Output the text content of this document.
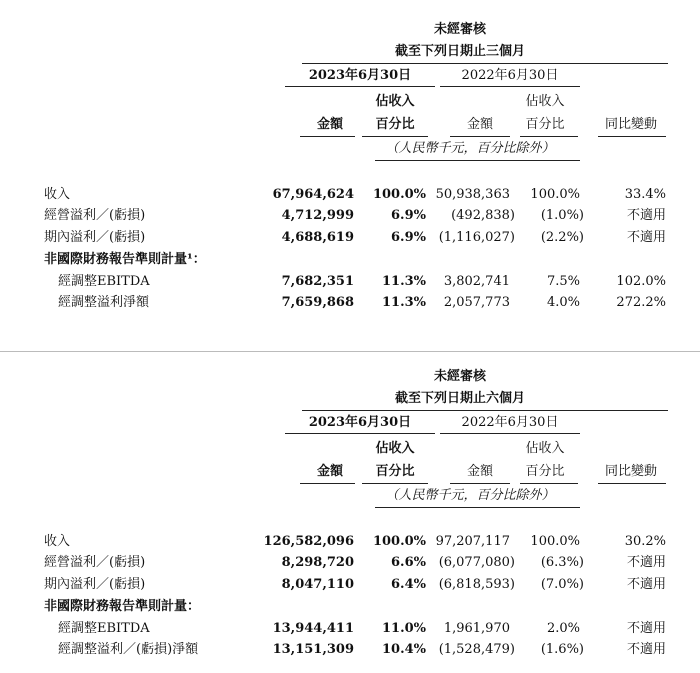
未經審核
截至下列日期止三個月
2023年6月30日	2022年6月30日
佔收入	佔收入
金額	百分比	金額	百分比	同比變動
（人民幣千元，百分比除外）
收入	67,964,624	100.0% 50,938,363	100.0%	33.4%
經營溢利／(虧損)	4,712,999	6.9%	(492,838)	(1.0%)	不適用
期內溢利／(虧損)	4,688,619	6.9% (1,116,027)	(2.2%)	不適用
非國際財務報告準則計量¹：
經調整EBITDA	7,682,351	11.3%	3,802,741	7.5%	102.0%
經調整溢利淨額	7,659,868	11.3%	2,057,773	4.0%	272.2%
未經審核
截至下列日期止六個月
2023年6月30日	2022年6月30日
佔收入	佔收入
金額	百分比	金額	百分比	同比變動
（人民幣千元，百分比除外）
收入	126,582,096	100.0% 97,207,117	100.0%	30.2%
經營溢利／(虧損)	8,298,720	6.6% (6,077,080)	(6.3%)	不適用
期內溢利／(虧損)	8,047,110	6.4% (6,818,593)	(7.0%)	不適用
非國際財務報告準則計量：
經調整EBITDA	13,944,411	11.0%	1,961,970	2.0%	不適用
經調整溢利／(虧損)淨額	13,151,309	10.4% (1,528,479)	(1.6%)	不適用
